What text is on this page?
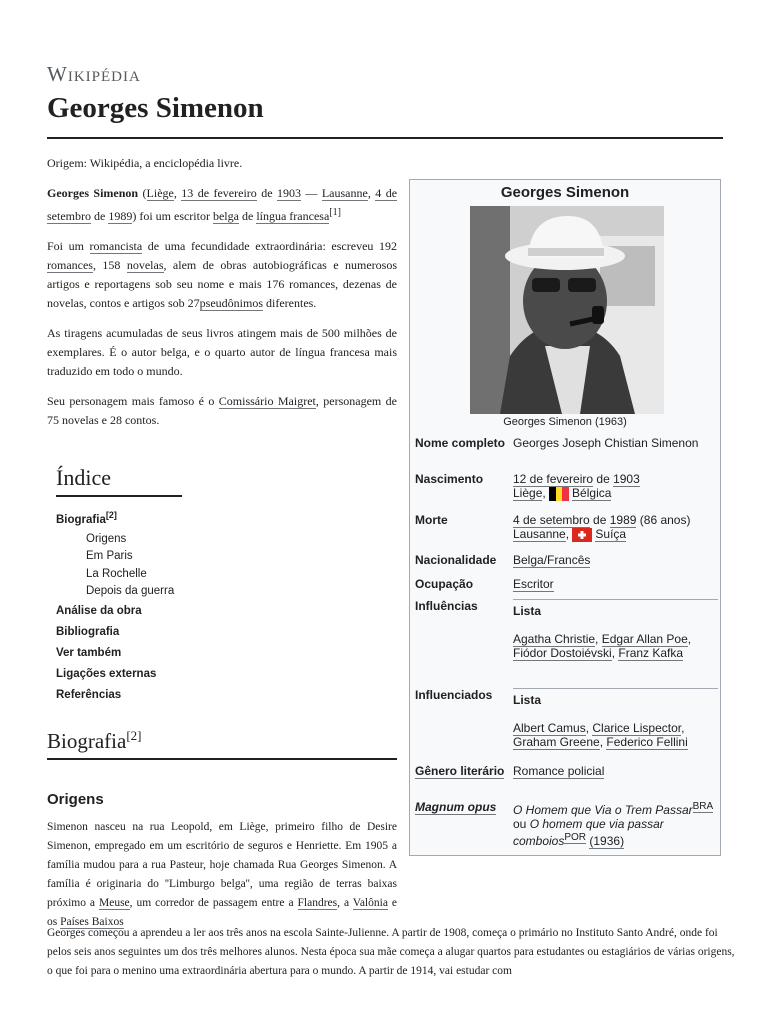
Wikipédia
Georges Simenon

Origem: Wikipédia, a enciclopédia livre.

Georges Simenon (Liège, 13 de fevereiro de 1903 — Lausanne, 4 de setembro de 1989) foi um escritor belga de língua francesa[1]

Foi um romancista de uma fecundidade extraordinária: escreveu 192 romances, 158 novelas, alem de obras autobiográficas e numerosos artigos e reportagens sob seu nome e mais 176 romances, dezenas de novelas, contos e artigos sob 27pseudônimos diferentes.

As tiragens acumuladas de seus livros atingem mais de 500 milhões de exemplares. É o autor belga, e o quarto autor de língua francesa mais traduzido em todo o mundo.

Seu personagem mais famoso é o Comissário Maigret, personagem de 75 novelas e 28 contos.

Índice
Biografia[2]
Origens
Em Paris
La Rochelle
Depois da guerra
Análise da obra
Bibliografia
Ver também
Ligações externas
Referências
Biografia[2]
Origens
Simenon nasceu na rua Leopold, em Liège, primeiro filho de Desire Simenon, empregado em um escritório de seguros e Henriette. Em 1905 a família mudou para a rua Pasteur, hoje chamada Rua Georges Simenon. A família é originaria do ''Limburgo belga'', uma região de terras baixas próximo a Meuse, um corredor de passagem entre a Flandres, a Valônia e os Países Baixos
Georges começou a aprendeu a ler aos três anos na escola Sainte-Julienne. A partir de 1908, começa o primário no Instituto Santo André, onde foi pelos seis anos seguintes um dos três melhores alunos. Nesta época sua mãe começa a alugar quartos para estudantes ou estagiários de várias origens, o que foi para o menino uma extraordinária abertura para o mundo. A partir de 1914, vai estudar com
Georges Simenon
Georges Simenon (1963)
Nome completo Georges Joseph Chistian Simenon
Nascimento	12 de fevereiro de 1903
Liège, Bélgica
Morte	4 de setembro de 1989 (86 anos)
Lausanne, Suíça
Nacionalidade	Belga/Francês
Ocupação	Escritor
Influências	Lista

Agatha Christie, Edgar Allan Poe, Fiódor Dostoiévski, Franz Kafka
Influenciados	Lista

Albert Camus, Clarice Lispector, Graham Greene, Federico Fellini
Gênero literário Romance policial
Magnum opus	O Homem que Via o Trem Passar$^{BRA}$ ou O homem que via passar comboios$^{POR}$ (1936)
